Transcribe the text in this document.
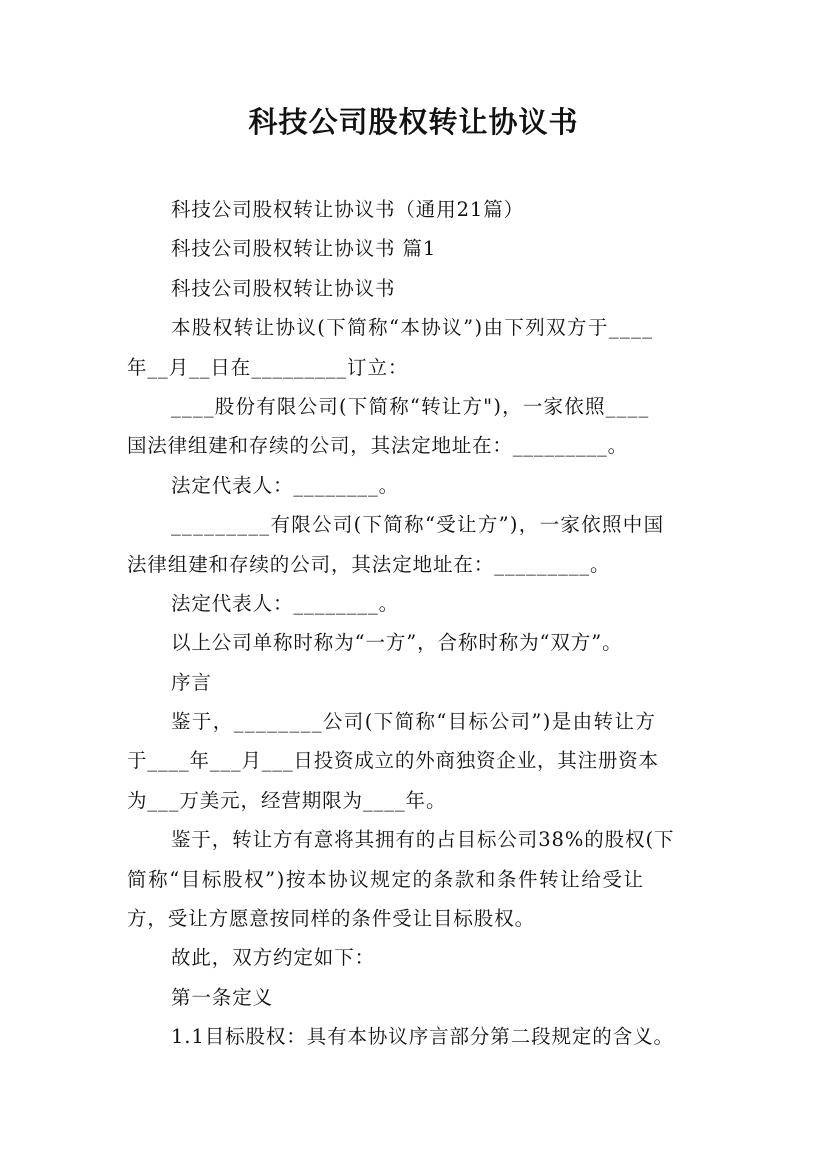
科技公司股权转让协议书
科技公司股权转让协议书（通用21篇）
科技公司股权转让协议书 篇1
科技公司股权转让协议书
本股权转让协议(下简称“本协议”)由下列双方于____
年__月__日在_________订立：
____股份有限公司(下简称“转让方")，一家依照____
国法律组建和存续的公司，其法定地址在：_________。
法定代表人：________。
_________有限公司(下简称“受让方”)，一家依照中国
法律组建和存续的公司，其法定地址在：_________。
法定代表人：________。
以上公司单称时称为“一方”，合称时称为“双方”。
序言
鉴于，________公司(下简称“目标公司”)是由转让方
于____年___月___日投资成立的外商独资企业，其注册资本
为___万美元，经营期限为____年。
鉴于，转让方有意将其拥有的占目标公司38%的股权(下
简称“目标股权”)按本协议规定的条款和条件转让给受让
方，受让方愿意按同样的条件受让目标股权。
故此，双方约定如下：
第一条定义
1.1目标股权：具有本协议序言部分第二段规定的含义。
